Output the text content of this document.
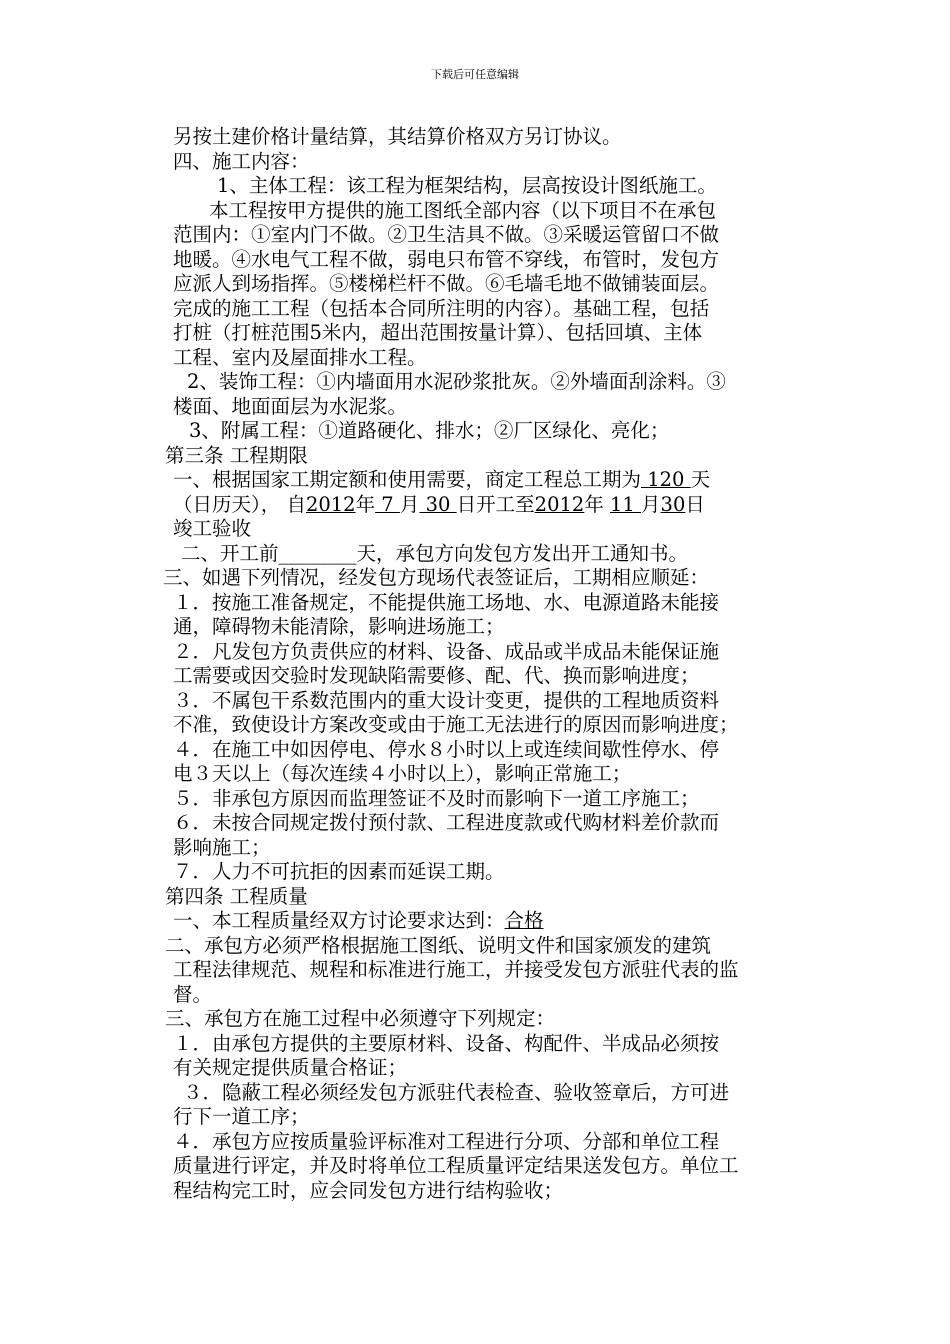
下载后可任意编辑

另按土建价格计量结算，其结算价格双方另订协议。

四、施工内容：

1、主体工程：该工程为框架结构，层高按设计图纸施工。

本工程按甲方提供的施工图纸全部内容（以下项目不在承包

范围内：①室内门不做。②卫生洁具不做。③采暖运管留口不做

地暖。④水电气工程不做，弱电只布管不穿线，布管时，发包方

应派人到场指挥。⑤楼梯栏杆不做。⑥毛墙毛地不做铺装面层。

完成的施工工程（包括本合同所注明的内容）。基础工程，包括

打桩（打桩范围5米内，超出范围按量计算）、包括回填、主体

工程、室内及屋面排水工程。

2、装饰工程：①内墙面用水泥砂浆批灰。②外墙面刮涂料。③

楼面、地面面层为水泥浆。

3、附属工程：①道路硬化、排水；②厂区绿化、亮化；

第三条 工程期限

一、根据国家工期定额和使用需要，商定工程总工期为 120 天

（日历天）， 自2012年 7 月 30 日开工至2012年 11 月30日

竣工验收

二、开工前________天，承包方向发包方发出开工通知书。

三、如遇下列情况，经发包方现场代表签证后，工期相应顺延：

１．按施工准备规定，不能提供施工场地、水、电源道路未能接

通，障碍物未能清除，影响进场施工；

２．凡发包方负责供应的材料、设备、成品或半成品未能保证施

工需要或因交验时发现缺陷需要修、配、代、换而影响进度；

３．不属包干系数范围内的重大设计变更，提供的工程地质资料

不准，致使设计方案改变或由于施工无法进行的原因而影响进度；

４．在施工中如因停电、停水８小时以上或连续间歇性停水、停

电３天以上（每次连续４小时以上），影响正常施工；

５．非承包方原因而监理签证不及时而影响下一道工序施工；

６．未按合同规定拨付预付款、工程进度款或代购材料差价款而

影响施工；

７．人力不可抗拒的因素而延误工期。

第四条 工程质量

一、本工程质量经双方讨论要求达到：合格

二、承包方必须严格根据施工图纸、说明文件和国家颁发的建筑

工程法律规范、规程和标准进行施工，并接受发包方派驻代表的监

督。

三、承包方在施工过程中必须遵守下列规定：

１．由承包方提供的主要原材料、设备、构配件、半成品必须按

有关规定提供质量合格证；

３．隐蔽工程必须经发包方派驻代表检查、验收签章后，方可进

行下一道工序；

４．承包方应按质量验评标准对工程进行分项、分部和单位工程

质量进行评定，并及时将单位工程质量评定结果送发包方。单位工

程结构完工时，应会同发包方进行结构验收；
